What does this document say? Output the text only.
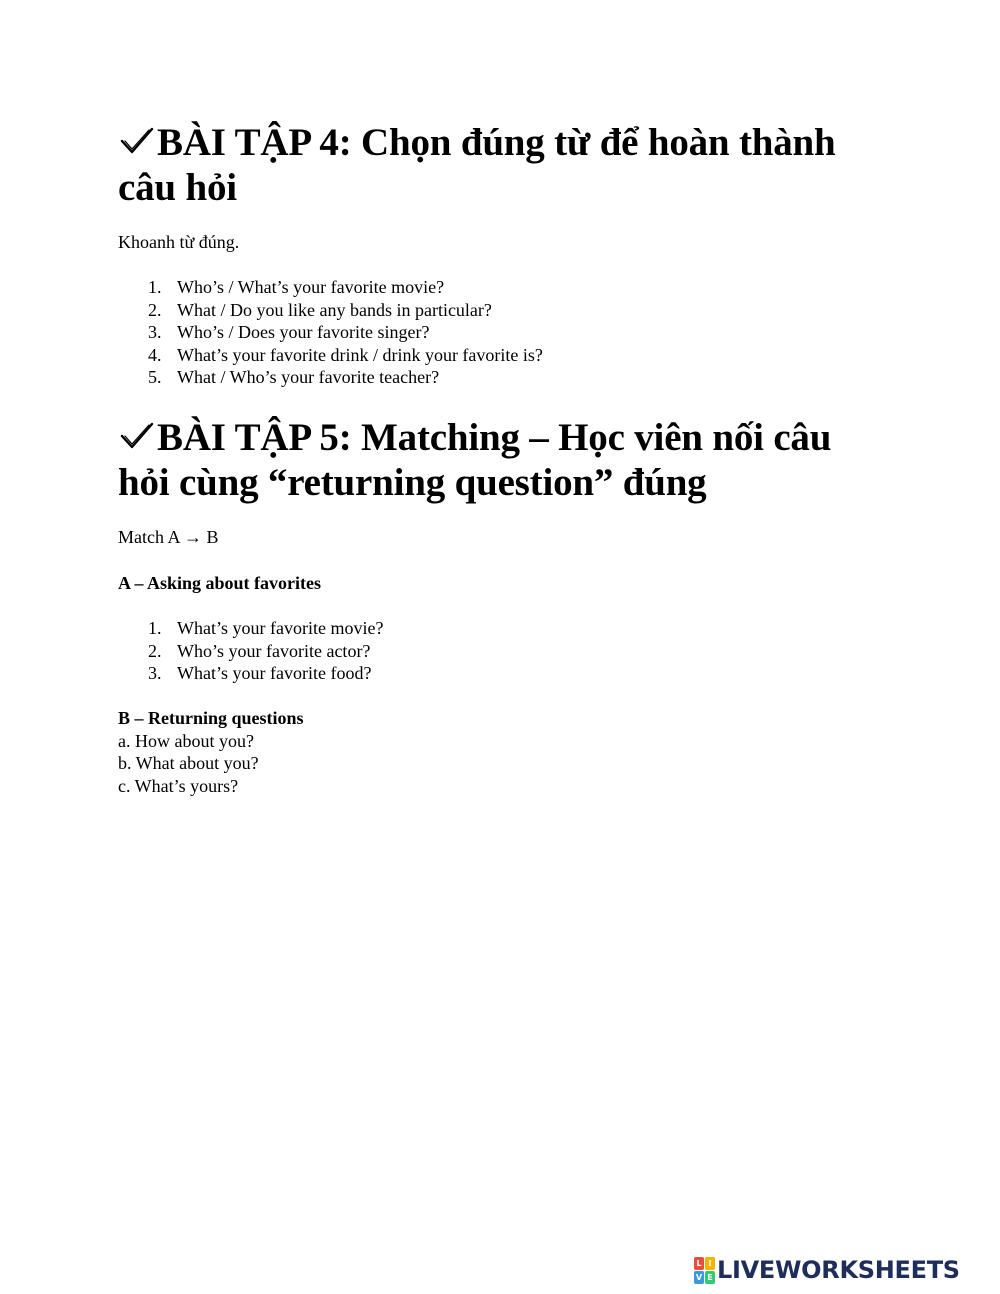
BÀI TẬP 4: Chọn đúng từ để hoàn thành câu hỏi

Khoanh từ đúng.

1. Who’s / What’s your favorite movie?
2. What / Do you like any bands in particular?
3. Who’s / Does your favorite singer?
4. What’s your favorite drink / drink your favorite is?
5. What / Who’s your favorite teacher?
BÀI TẬP 5: Matching – Học viên nối câu hỏi cùng “returning question” đúng

Match A → B

A – Asking about favorites

1. What’s your favorite movie?
2. Who’s your favorite actor?
3. What’s your favorite food?

B – Returning questions

a. How about you?

b. What about you?

c. What’s yours?

L I
V E LIVEWORKSHEETS
